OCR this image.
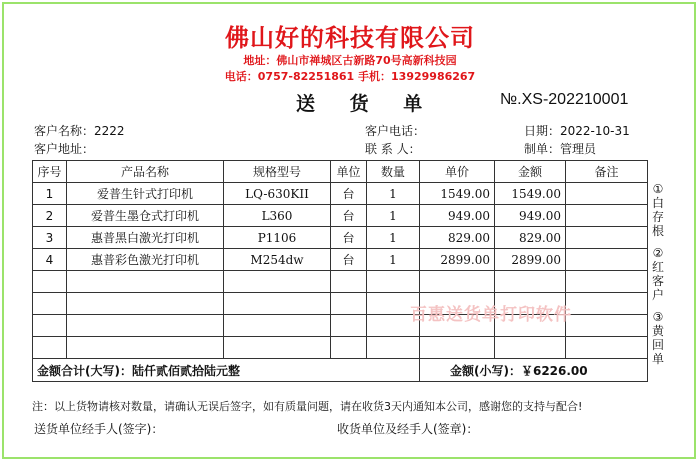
佛山好的科技有限公司
地址：佛山市禅城区古新路70号高新科技园
电话：0757-82251861 手机：13929986267
送 货 单	№.XS-202210001
客户名称：2222
客户地址：
客户电话：
联 系 人：
日期：2022-10-31
制单：管理员
序号	产品名称	规格型号	单位	数量	单价	金额	备注
1	爱普生针式打印机	LQ-630KII	台	1	1549.00	1549.00	
2	爱普生墨仓式打印机	L360	台	1	949.00	949.00	
3	惠普黑白激光打印机	P1106	台	1	829.00	829.00	
4	惠普彩色激光打印机	M254dw	台	1	2899.00	2899.00	

金额合计(大写)：陆仟贰佰贰拾陆元整					金额(小写)：￥6226.00		
①白存根
②红客户
③黄回单
百惠送货单打印软件
注：以上货物请核对数量，请确认无误后签字，如有质量问题，请在收货3天内通知本公司，感谢您的支持与配合!
送货单位经手人(签字)：	收货单位及经手人(签章)：
